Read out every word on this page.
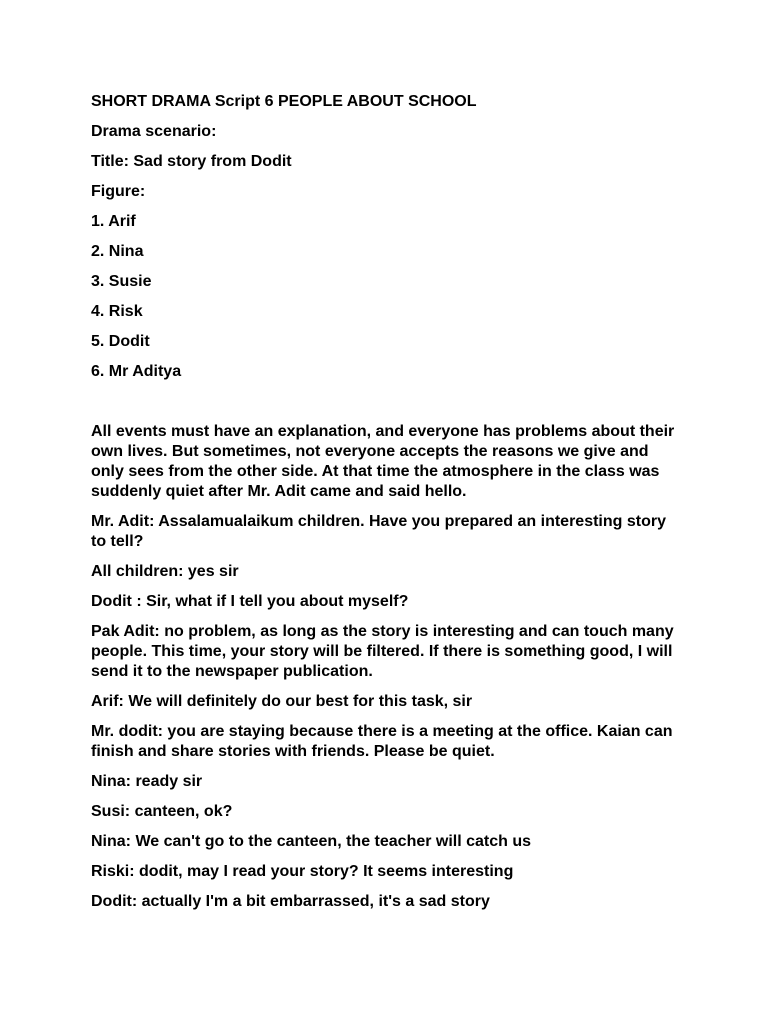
SHORT DRAMA Script 6 PEOPLE ABOUT SCHOOL
Drama scenario:
Title: Sad story from Dodit
Figure:
1. Arif
2. Nina
3. Susie
4. Risk
5. Dodit
6. Mr Aditya
All events must have an explanation, and everyone has problems about their own lives. But sometimes, not everyone accepts the reasons we give and only sees from the other side. At that time the atmosphere in the class was suddenly quiet after Mr. Adit came and said hello.
Mr. Adit: Assalamualaikum children. Have you prepared an interesting story to tell?
All children: yes sir
Dodit : Sir, what if I tell you about myself?
Pak Adit: no problem, as long as the story is interesting and can touch many people. This time, your story will be filtered. If there is something good, I will send it to the newspaper publication.
Arif: We will definitely do our best for this task, sir
Mr. dodit: you are staying because there is a meeting at the office. Kaian can finish and share stories with friends. Please be quiet.
Nina: ready sir
Susi: canteen, ok?
Nina: We can't go to the canteen, the teacher will catch us
Riski: dodit, may I read your story? It seems interesting
Dodit: actually I'm a bit embarrassed, it's a sad story
